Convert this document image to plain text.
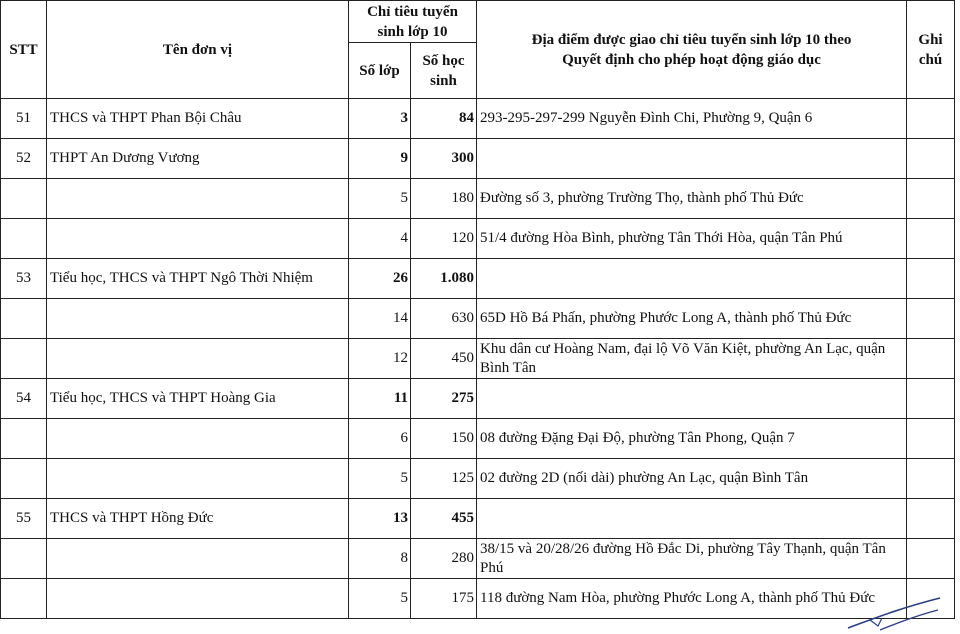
STT	Tên đơn vị	Chỉ tiêu tuyển sinh lớp 10		Địa điểm được giao chỉ tiêu tuyển sinh lớp 10 theo Quyết định cho phép hoạt động giáo dục	Ghi chú
		Số lớp	Số học sinh		
51	THCS và THPT Phan Bội Châu	3	84	293-295-297-299 Nguyễn Đình Chi, Phường 9, Quận 6	
52	THPT An Dương Vương	9	300		
		5	180	Đường số 3, phường Trường Thọ, thành phố Thủ Đức	
		4	120	51/4 đường Hòa Bình, phường Tân Thới Hòa, quận Tân Phú	
53	Tiểu học, THCS và THPT Ngô Thời Nhiệm	26	1.080		
		14	630	65D Hồ Bá Phấn, phường Phước Long A, thành phố Thủ Đức	
		12	450	Khu dân cư Hoàng Nam, đại lộ Võ Văn Kiệt, phường An Lạc, quận Bình Tân	
54	Tiểu học, THCS và THPT Hoàng Gia	11	275		
		6	150	08 đường Đặng Đại Độ, phường Tân Phong, Quận 7	
		5	125	02 đường 2D (nối dài) phường An Lạc, quận Bình Tân	
55	THCS và THPT Hồng Đức	13	455		
		8	280	38/15 và 20/28/26 đường Hồ Đắc Di, phường Tây Thạnh, quận Tân Phú	
		5	175	118 đường Nam Hòa, phường Phước Long A, thành phố Thủ Đức	
